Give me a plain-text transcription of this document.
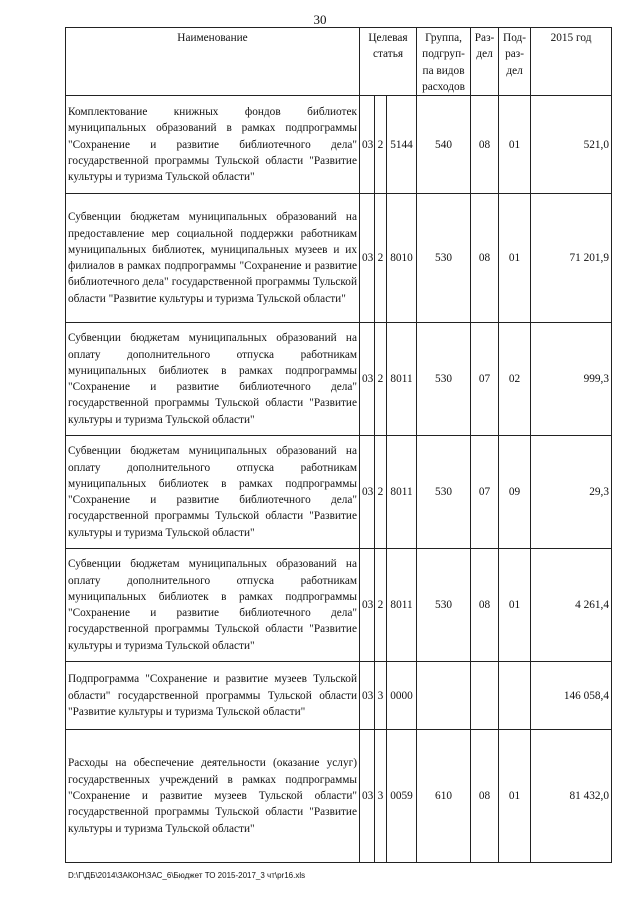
30
Наименование	Целевая статья			Группа, подгруп-па видов расходов	Раз-дел	Под-раз-дел	2015 год
Комплектование книжных фондов библиотек муниципальных образований в рамках подпрограммы "Сохранение и развитие библиотечного дела" государственной программы Тульской области "Развитие культуры и туризма Тульской области"	03	2	5144	540	08	01	521,0
Субвенции бюджетам муниципальных образований на предоставление мер социальной поддержки работникам муниципальных библиотек, муниципальных музеев и их филиалов в рамках подпрограммы "Сохранение и развитие библиотечного дела" государственной программы Тульской области "Развитие культуры и туризма Тульской области"	03	2	8010	530	08	01	71 201,9
Субвенции бюджетам муниципальных образований на оплату дополнительного отпуска работникам муниципальных библиотек в рамках подпрограммы "Сохранение и развитие библиотечного дела" государственной программы Тульской области "Развитие культуры и туризма Тульской области"	03	2	8011	530	07	02	999,3
Субвенции бюджетам муниципальных образований на оплату дополнительного отпуска работникам муниципальных библиотек в рамках подпрограммы "Сохранение и развитие библиотечного дела" государственной программы Тульской области "Развитие культуры и туризма Тульской области"	03	2	8011	530	07	09	29,3
Субвенции бюджетам муниципальных образований на оплату дополнительного отпуска работникам муниципальных библиотек в рамках подпрограммы "Сохранение и развитие библиотечного дела" государственной программы Тульской области "Развитие культуры и туризма Тульской области"	03	2	8011	530	08	01	4 261,4
Подпрограмма "Сохранение и развитие музеев Тульской области" государственной программы Тульской области "Развитие культуры и туризма Тульской области"	03	3	0000				146 058,4
Расходы на обеспечение деятельности (оказание услуг) государственных учреждений в рамках подпрограммы "Сохранение и развитие музеев Тульской области" государственной программы Тульской области "Развитие культуры и туризма Тульской области"	03	3	0059	610	08	01	81 432,0
D:\Г\ДБ\2014\ЗАКОН\ЗАС_6\Бюджет ТО 2015-2017_3 чт\pr16.xls
